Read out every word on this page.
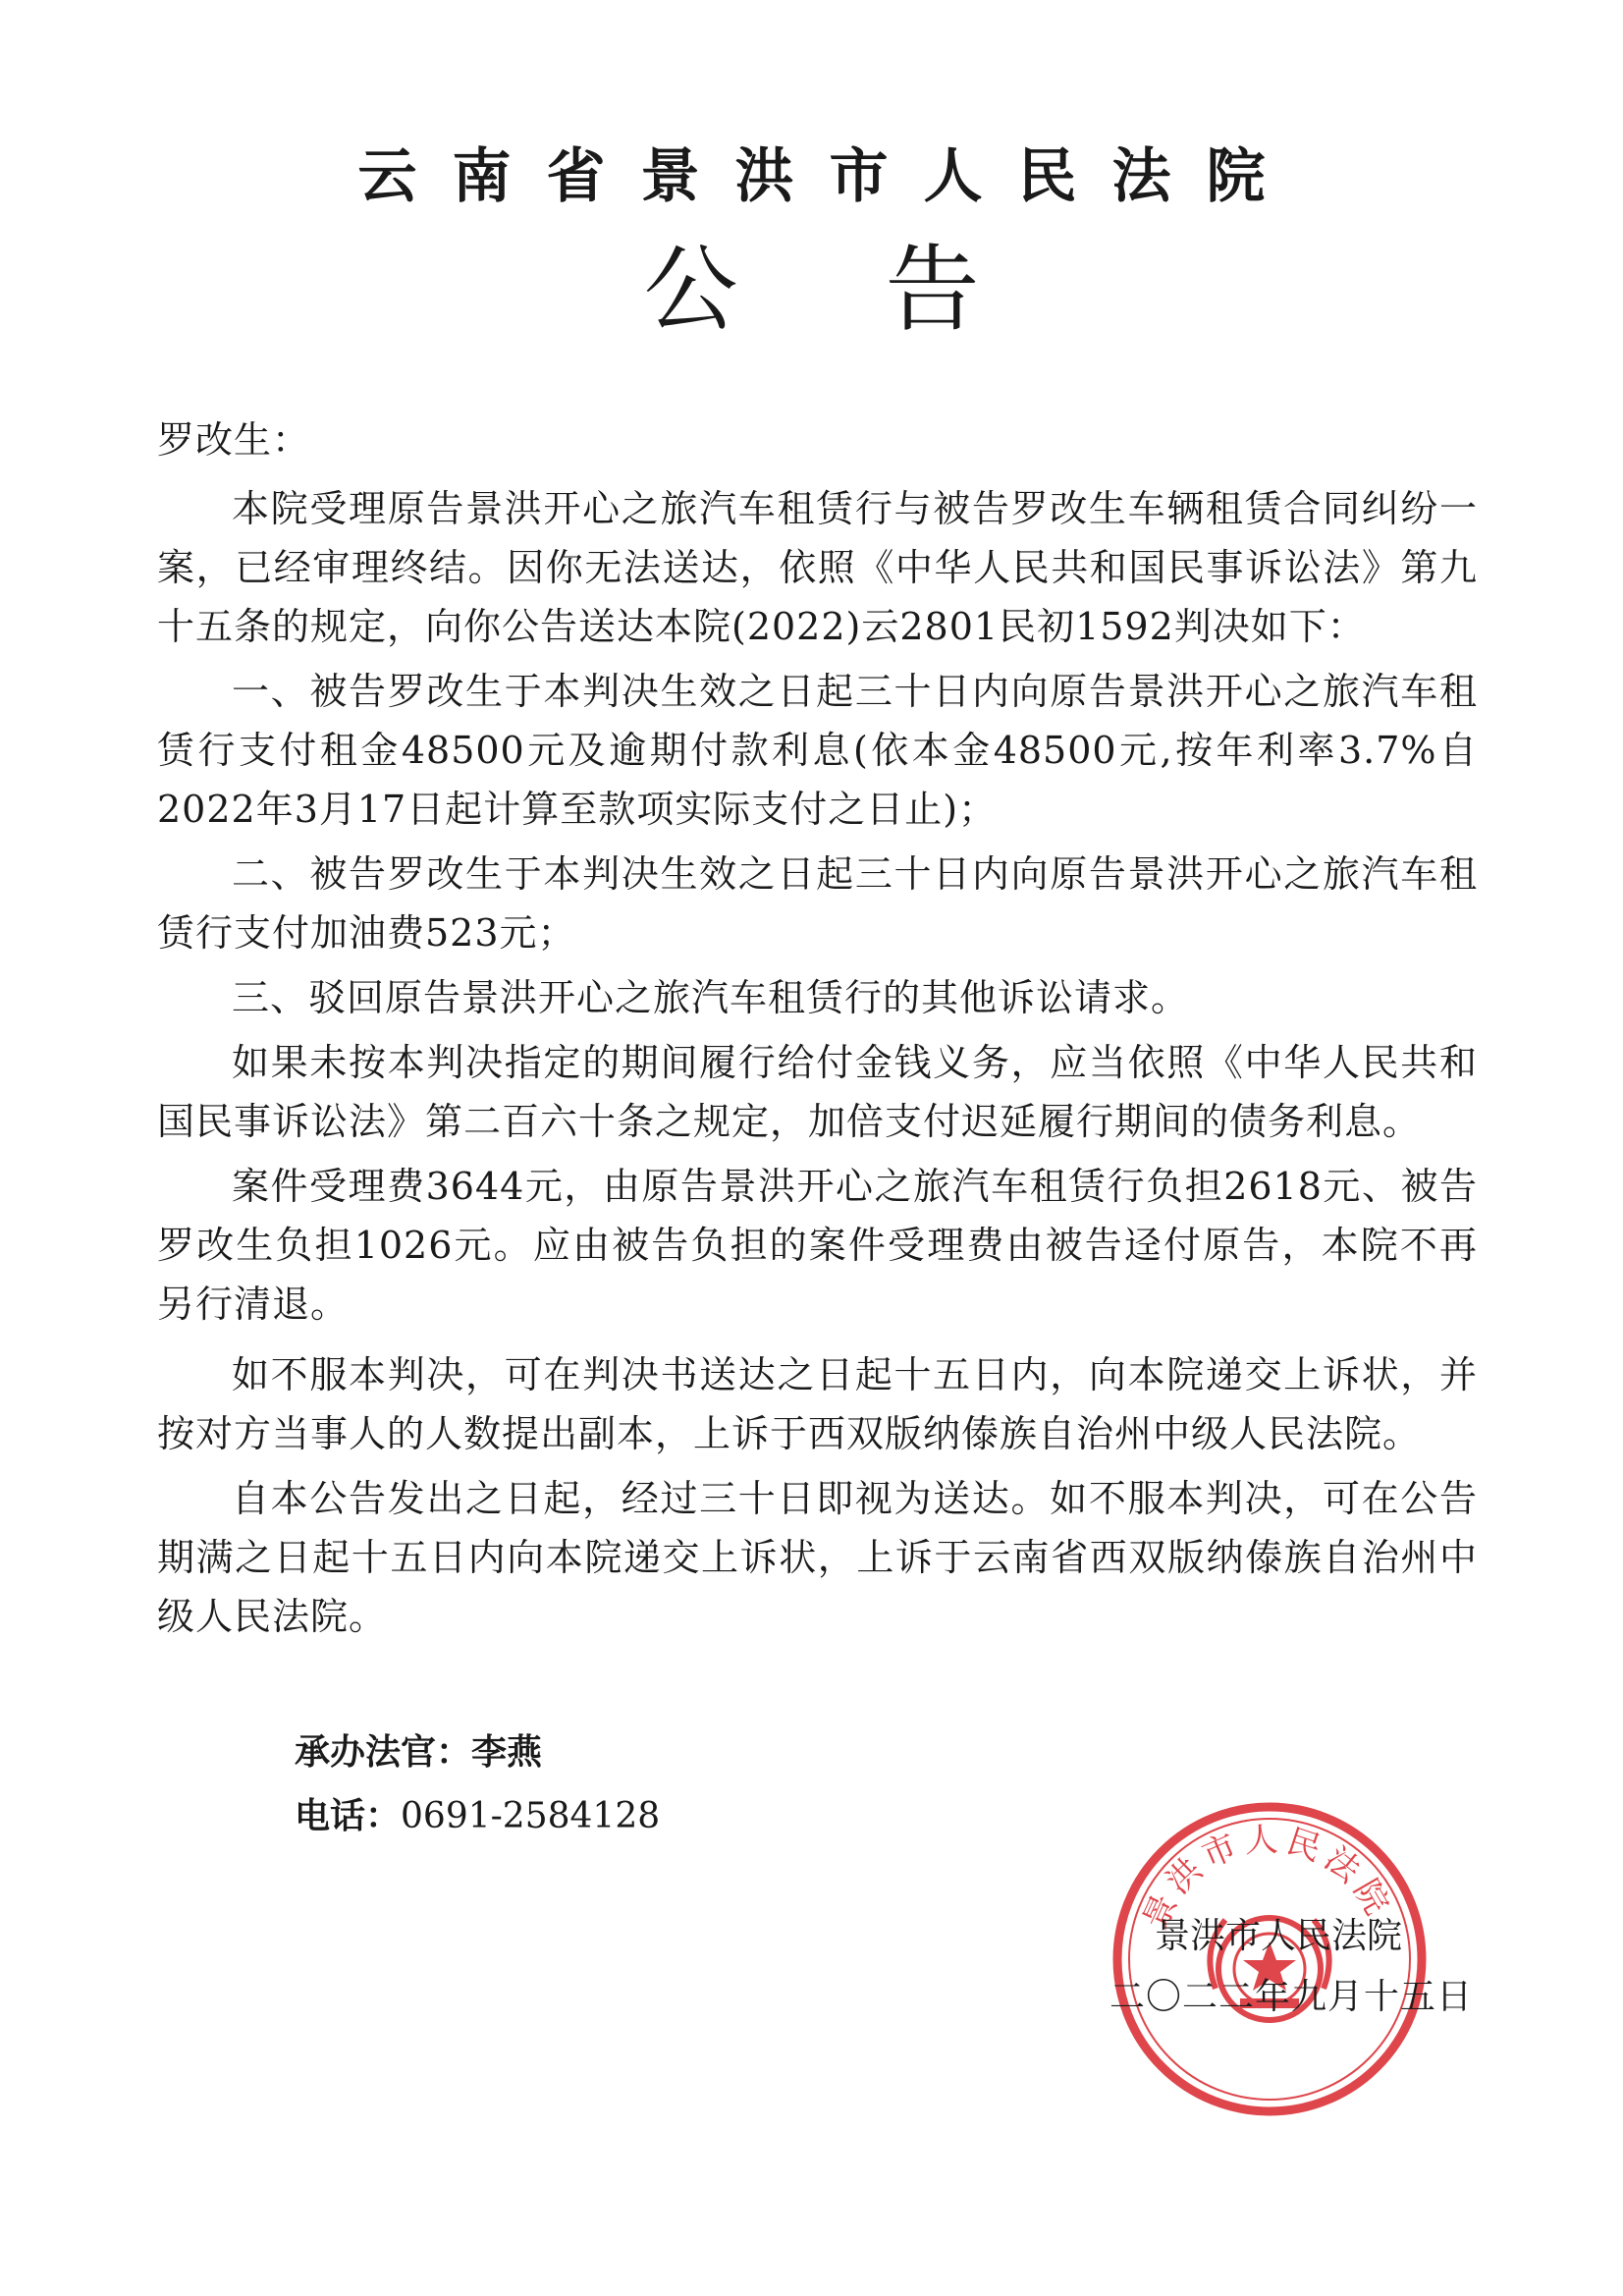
云南省景洪市人民法院
公告

罗改生：

本院受理原告景洪开心之旅汽车租赁行与被告罗改生车辆租赁合同纠纷一案，已经审理终结。因你无法送达，依照《中华人民共和国民事诉讼法》第九十五条的规定，向你公告送达本院(2022)云2801民初1592判决如下：

一、被告罗改生于本判决生效之日起三十日内向原告景洪开心之旅汽车租赁行支付租金48500元及逾期付款利息(依本金48500元,按年利率3.7%自2022年3月17日起计算至款项实际支付之日止)；

二、被告罗改生于本判决生效之日起三十日内向原告景洪开心之旅汽车租赁行支付加油费523元；

三、驳回原告景洪开心之旅汽车租赁行的其他诉讼请求。

如果未按本判决指定的期间履行给付金钱义务，应当依照《中华人民共和国民事诉讼法》第二百六十条之规定，加倍支付迟延履行期间的债务利息。

案件受理费3644元，由原告景洪开心之旅汽车租赁行负担2618元、被告罗改生负担1026元。应由被告负担的案件受理费由被告迳付原告，本院不再另行清退。

如不服本判决，可在判决书送达之日起十五日内，向本院递交上诉状，并按对方当事人的人数提出副本，上诉于西双版纳傣族自治州中级人民法院。

自本公告发出之日起，经过三十日即视为送达。如不服本判决，可在公告期满之日起十五日内向本院递交上诉状，上诉于云南省西双版纳傣族自治州中级人民法院。

承办法官：李燕
电话：0691-2584128
景洪市人民法院
景洪市人民法院
二〇二二年九月十五日
